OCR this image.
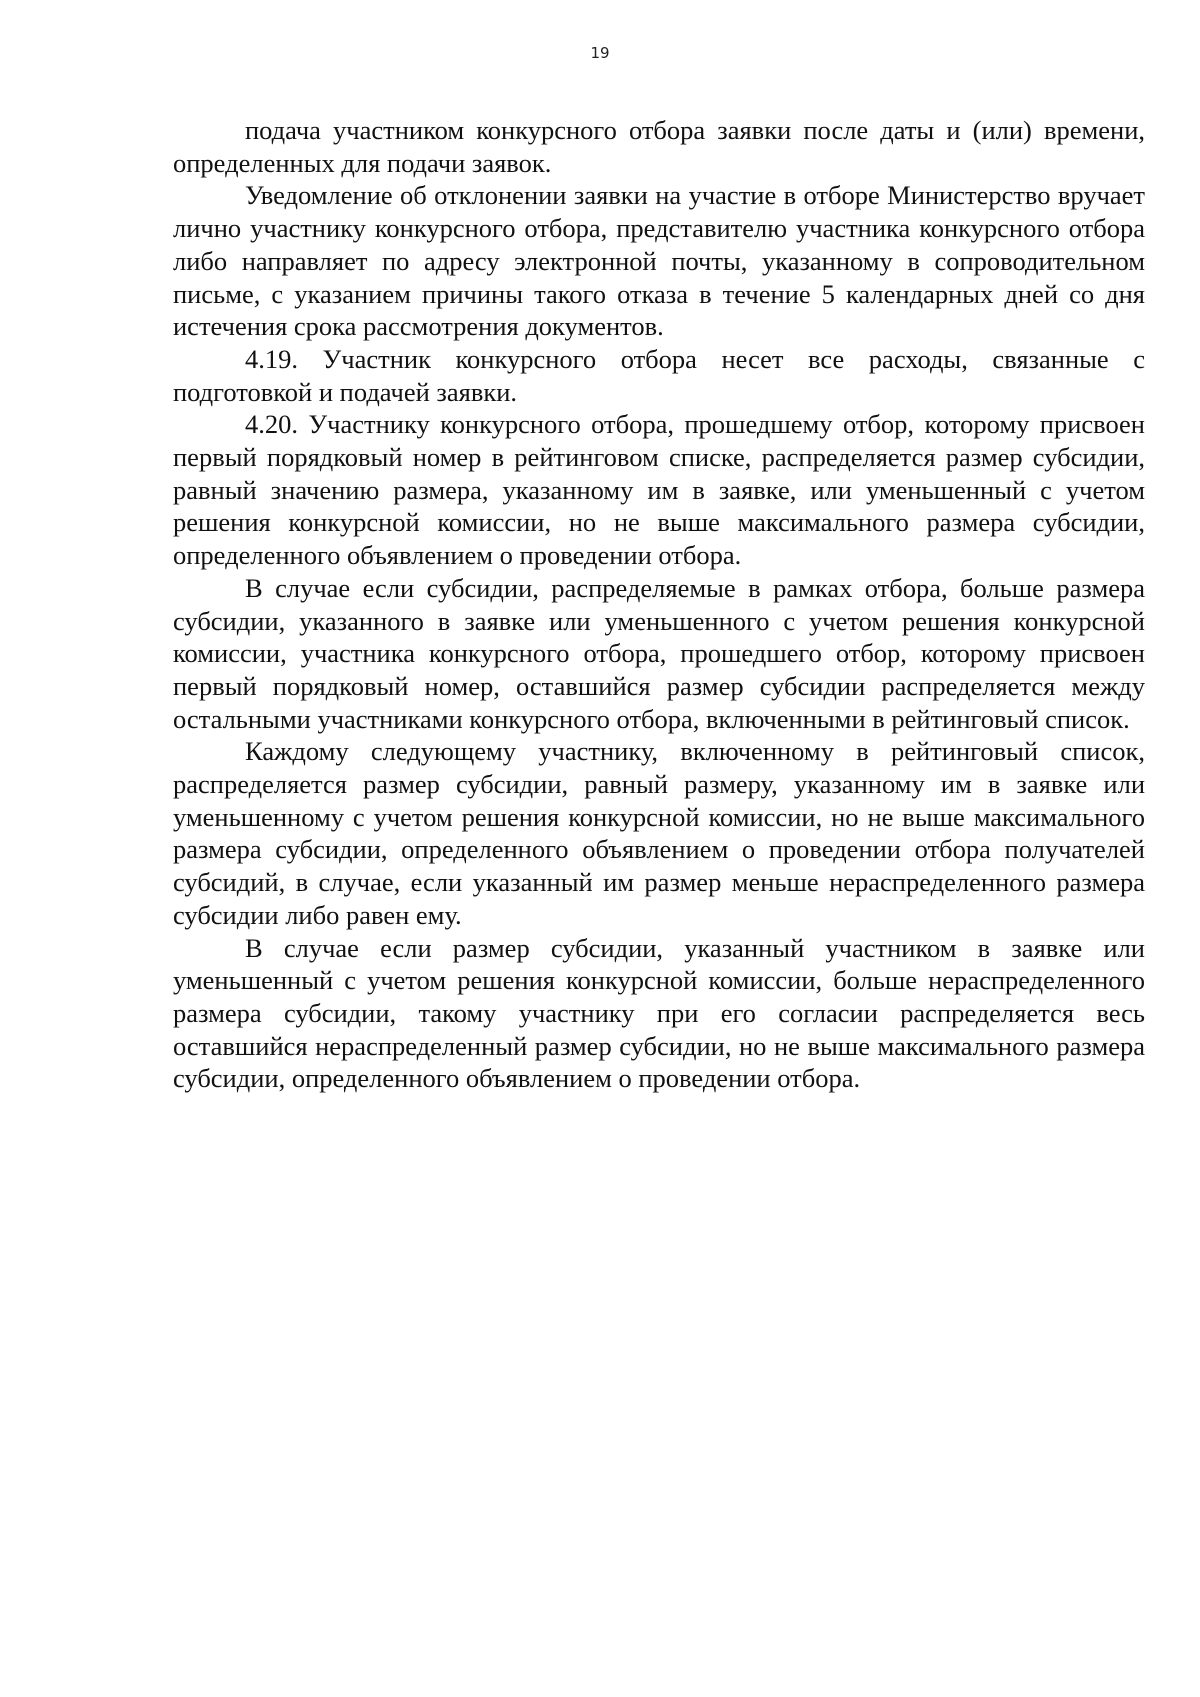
19

подача участником конкурсного отбора заявки после даты и (или) времени, определенных для подачи заявок.

Уведомление об отклонении заявки на участие в отборе Министерство вручает лично участнику конкурсного отбора, представителю участника конкурсного отбора либо направляет по адресу электронной почты, указанному в сопроводительном письме, с указанием причины такого отказа в течение 5 календарных дней со дня истечения срока рассмотрения документов.

4.19. Участник конкурсного отбора несет все расходы, связанные с подготовкой и подачей заявки.

4.20. Участнику конкурсного отбора, прошедшему отбор, которому присвоен первый порядковый номер в рейтинговом списке, распределяется размер субсидии, равный значению размера, указанному им в заявке, или уменьшенный с учетом решения конкурсной комиссии, но не выше максимального размера субсидии, определенного объявлением о проведении отбора.

В случае если субсидии, распределяемые в рамках отбора, больше размера субсидии, указанного в заявке или уменьшенного с учетом решения конкурсной комиссии, участника конкурсного отбора, прошедшего отбор, которому присвоен первый порядковый номер, оставшийся размер субсидии распределяется между остальными участниками конкурсного отбора, включенными в рейтинговый список.

Каждому следующему участнику, включенному в рейтинговый список, распределяется размер субсидии, равный размеру, указанному им в заявке или уменьшенному с учетом решения конкурсной комиссии, но не выше максимального размера субсидии, определенного объявлением о проведении отбора получателей субсидий, в случае, если указанный им размер меньше нераспределенного размера субсидии либо равен ему.

В случае если размер субсидии, указанный участником в заявке или уменьшенный с учетом решения конкурсной комиссии, больше нераспределенного размера субсидии, такому участнику при его согласии распределяется весь оставшийся нераспределенный размер субсидии, но не выше максимального размера субсидии, определенного объявлением о проведении отбора.
